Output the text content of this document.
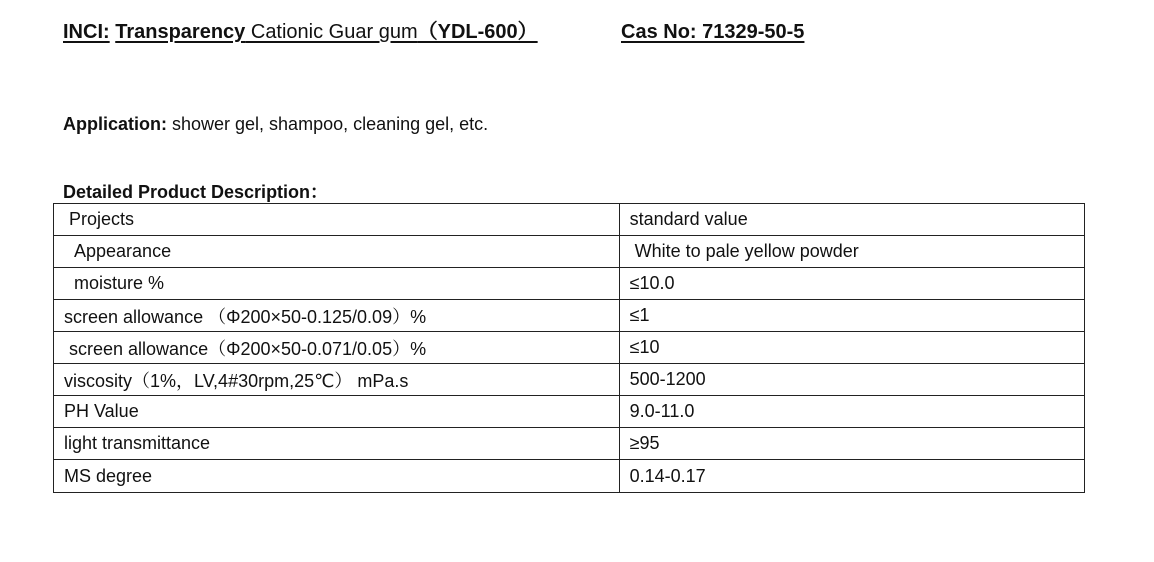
INCI: Transparency Cationic Guar gum（YDL-600）	Cas No: 71329-50-5
Application: shower gel, shampoo, cleaning gel, etc.
Detailed Product Description：
Projects	standard value
Appearance	White to pale yellow powder
moisture %	≤10.0
screen allowance （Φ200×50-0.125/0.09）%	≤1
screen allowance（Φ200×50-0.071/0.05）%	≤10
viscosity（1%，LV,4#30rpm,25℃） mPa.s	500-1200
PH Value	9.0-11.0
light transmittance	≥95
MS degree	0.14-0.17
